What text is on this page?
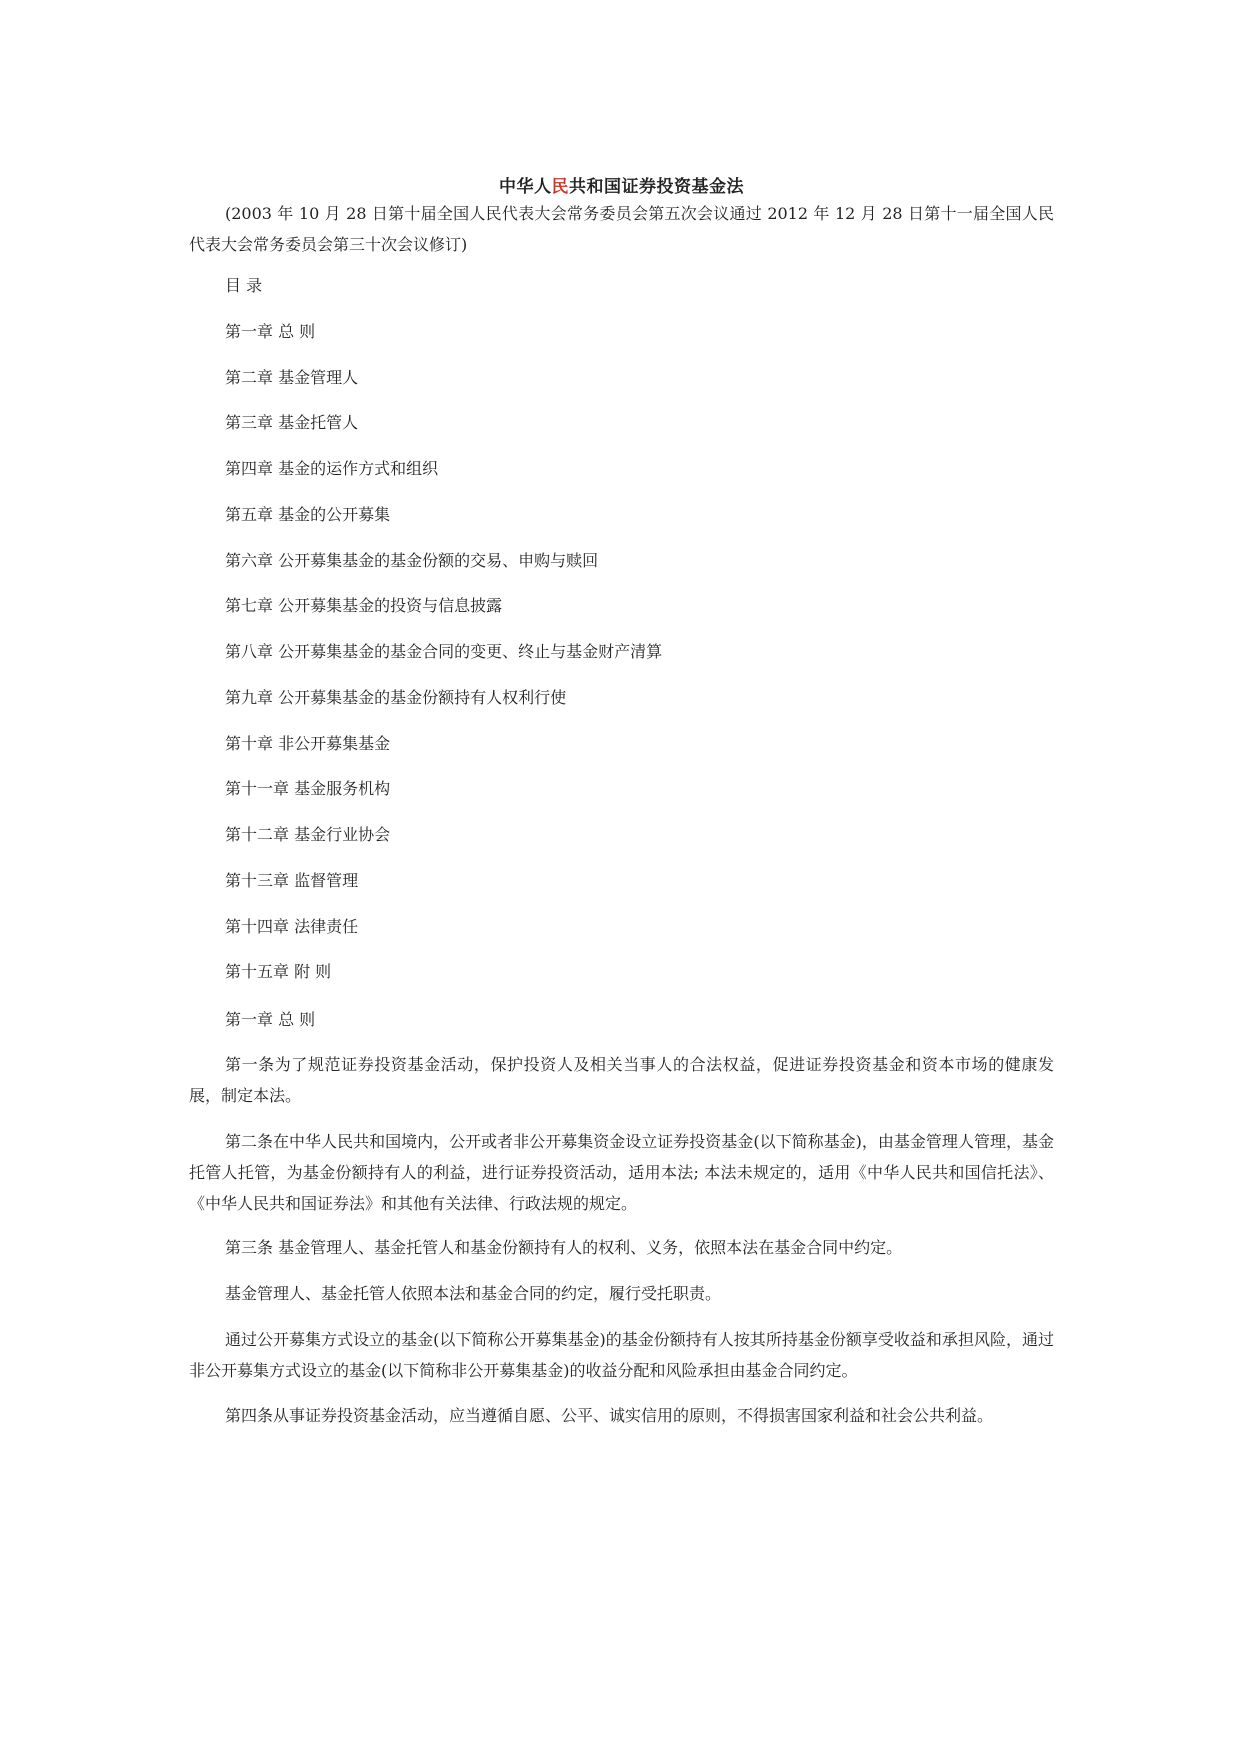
中华人民共和国证券投资基金法

(2003 年 10 月 28 日第十届全国人民代表大会常务委员会第五次会议通过 2012 年 12 月 28 日第十一届全国人民代表大会常务委员会第三十次会议修订)

目 录

第一章 总 则

第二章 基金管理人

第三章 基金托管人

第四章 基金的运作方式和组织

第五章 基金的公开募集

第六章 公开募集基金的基金份额的交易、申购与赎回

第七章 公开募集基金的投资与信息披露

第八章 公开募集基金的基金合同的变更、终止与基金财产清算

第九章 公开募集基金的基金份额持有人权利行使

第十章 非公开募集基金

第十一章 基金服务机构

第十二章 基金行业协会

第十三章 监督管理

第十四章 法律责任

第十五章 附 则

第一章 总 则

第一条为了规范证券投资基金活动，保护投资人及相关当事人的合法权益，促进证券投资基金和资本市场的健康发展，制定本法。

第二条在中华人民共和国境内，公开或者非公开募集资金设立证券投资基金(以下简称基金)，由基金管理人管理，基金托管人托管，为基金份额持有人的利益，进行证券投资活动，适用本法; 本法未规定的，适用《中华人民共和国信托法》、《中华人民共和国证券法》和其他有关法律、行政法规的规定。

第三条 基金管理人、基金托管人和基金份额持有人的权利、义务，依照本法在基金合同中约定。

基金管理人、基金托管人依照本法和基金合同的约定，履行受托职责。

通过公开募集方式设立的基金(以下简称公开募集基金)的基金份额持有人按其所持基金份额享受收益和承担风险，通过非公开募集方式设立的基金(以下简称非公开募集基金)的收益分配和风险承担由基金合同约定。

第四条从事证券投资基金活动，应当遵循自愿、公平、诚实信用的原则，不得损害国家利益和社会公共利益。
